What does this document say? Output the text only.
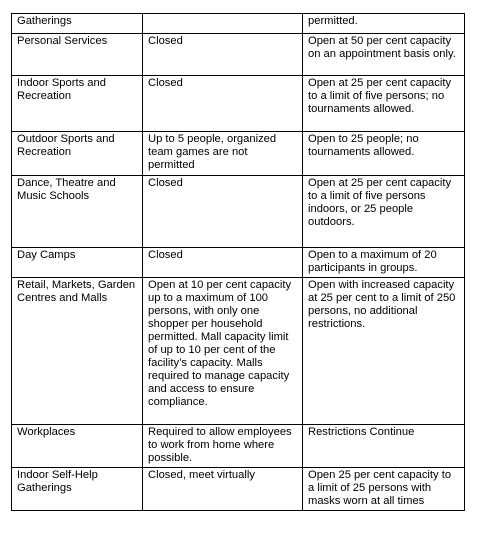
Gatherings		permitted.
Personal Services	Closed	Open at 50 per cent capacity on an appointment basis only.
Indoor Sports and Recreation	Closed	Open at 25 per cent capacity to a limit of five persons; no tournaments allowed.
Outdoor Sports and Recreation	Up to 5 people, organized team games are not permitted	Open to 25 people; no tournaments allowed.
Dance, Theatre and Music Schools	Closed	Open at 25 per cent capacity to a limit of five persons indoors, or 25 people outdoors.
Day Camps	Closed	Open to a maximum of 20 participants in groups.
Retail, Markets, Garden Centres and Malls	Open at 10 per cent capacity up to a maximum of 100 persons, with only one shopper per household permitted. Mall capacity limit of up to 10 per cent of the facility’s capacity. Malls required to manage capacity and access to ensure compliance.	Open with increased capacity at 25 per cent to a limit of 250 persons, no additional restrictions.
Workplaces	Required to allow employees to work from home where possible.	Restrictions Continue
Indoor Self-Help Gatherings	Closed, meet virtually	Open 25 per cent capacity to a limit of 25 persons with masks worn at all times
